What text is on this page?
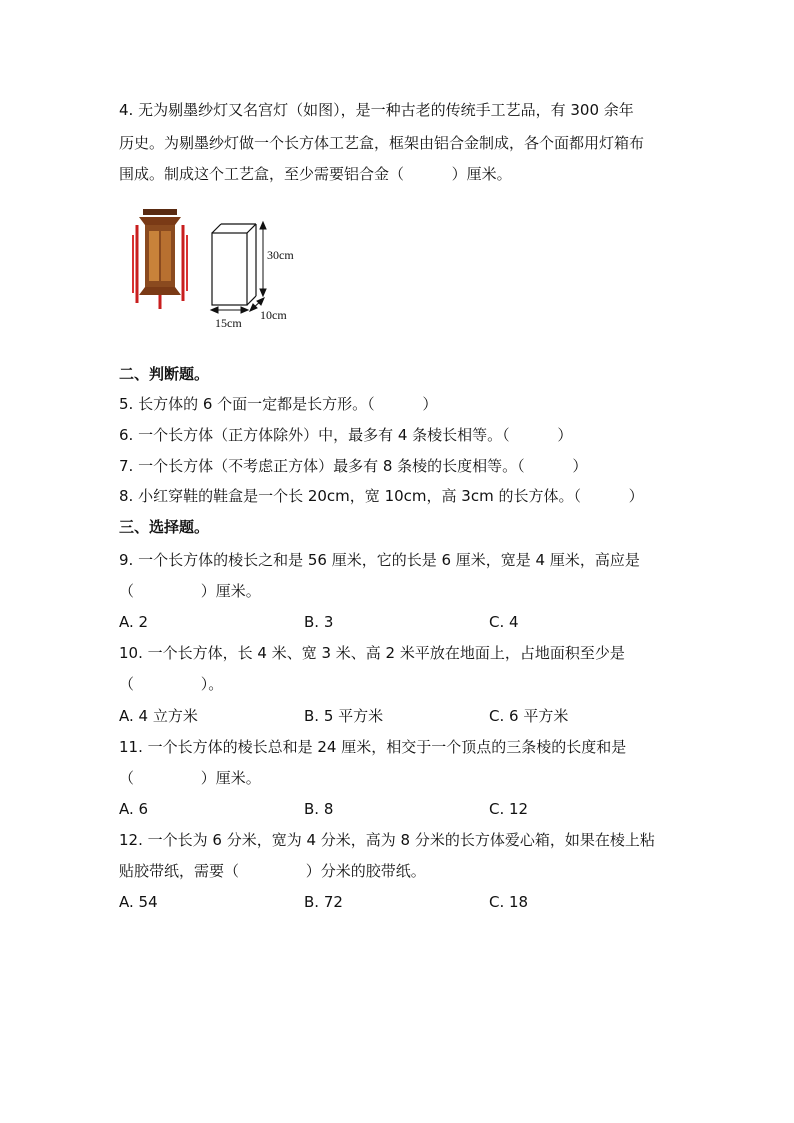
4. 无为剔墨纱灯又名宫灯（如图），是一种古老的传统手工艺品，有 300 余年
历史。为剔墨纱灯做一个长方体工艺盒，框架由铝合金制成，各个面都用灯箱布
围成。制成这个工艺盒，至少需要铝合金（          ）厘米。
30cm
15cm
10cm
二、判断题。
5. 长方体的 6 个面一定都是长方形。（          ）
6. 一个长方体（正方体除外）中，最多有 4 条棱长相等。（          ）
7. 一个长方体（不考虑正方体）最多有 8 条棱的长度相等。（          ）
8. 小红穿鞋的鞋盒是一个长 20cm，宽 10cm，高 3cm 的长方体。（          ）
三、选择题。
9. 一个长方体的棱长之和是 56 厘米，它的长是 6 厘米，宽是 4 厘米，高应是
（              ）厘米。
A. 2	B. 3	C. 4
10. 一个长方体，长 4 米、宽 3 米、高 2 米平放在地面上，占地面积至少是
（              ）。
A. 4 立方米	B. 5 平方米	C. 6 平方米
11. 一个长方体的棱长总和是 24 厘米，相交于一个顶点的三条棱的长度和是
（              ）厘米。
A. 6	B. 8	C. 12
12. 一个长为 6 分米，宽为 4 分米，高为 8 分米的长方体爱心箱，如果在棱上粘
贴胶带纸，需要（              ）分米的胶带纸。
A. 54	B. 72	C. 18
